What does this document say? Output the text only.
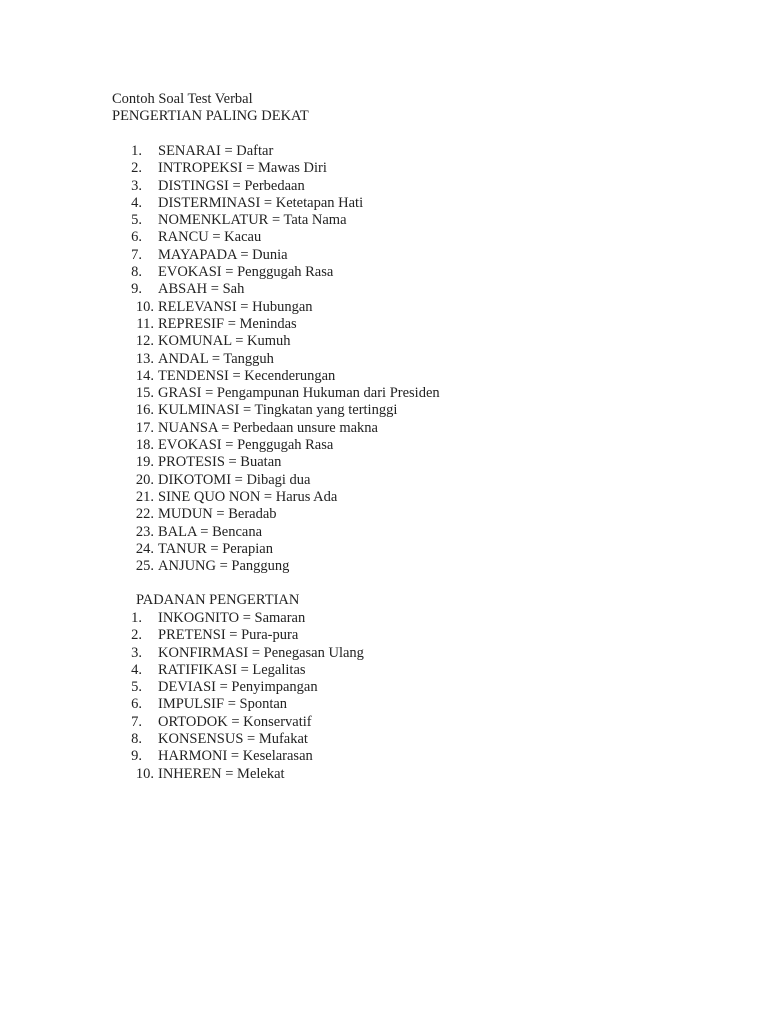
Contoh Soal Test Verbal
PENGERTIAN PALING DEKAT
1. SENARAI = Daftar
2. INTROPEKSI = Mawas Diri
3. DISTINGSI = Perbedaan
4. DISTERMINASI = Ketetapan Hati
5. NOMENKLATUR = Tata Nama
6. RANCU = Kacau
7. MAYAPADA = Dunia
8. EVOKASI = Penggugah Rasa
9. ABSAH = Sah
10. RELEVANSI = Hubungan
11. REPRESIF = Menindas
12. KOMUNAL = Kumuh
13. ANDAL = Tangguh
14. TENDENSI = Kecenderungan
15. GRASI = Pengampunan Hukuman dari Presiden
16. KULMINASI = Tingkatan yang tertinggi
17. NUANSA = Perbedaan unsure makna
18. EVOKASI = Penggugah Rasa
19. PROTESIS = Buatan
20. DIKOTOMI = Dibagi dua
21. SINE QUO NON = Harus Ada
22. MUDUN = Beradab
23. BALA = Bencana
24. TANUR = Perapian
25. ANJUNG = Panggung
PADANAN PENGERTIAN
1. INKOGNITO = Samaran
2. PRETENSI = Pura-pura
3. KONFIRMASI = Penegasan Ulang
4. RATIFIKASI = Legalitas
5. DEVIASI = Penyimpangan
6. IMPULSIF = Spontan
7. ORTODOK = Konservatif
8. KONSENSUS = Mufakat
9. HARMONI = Keselarasan
10. INHEREN = Melekat
